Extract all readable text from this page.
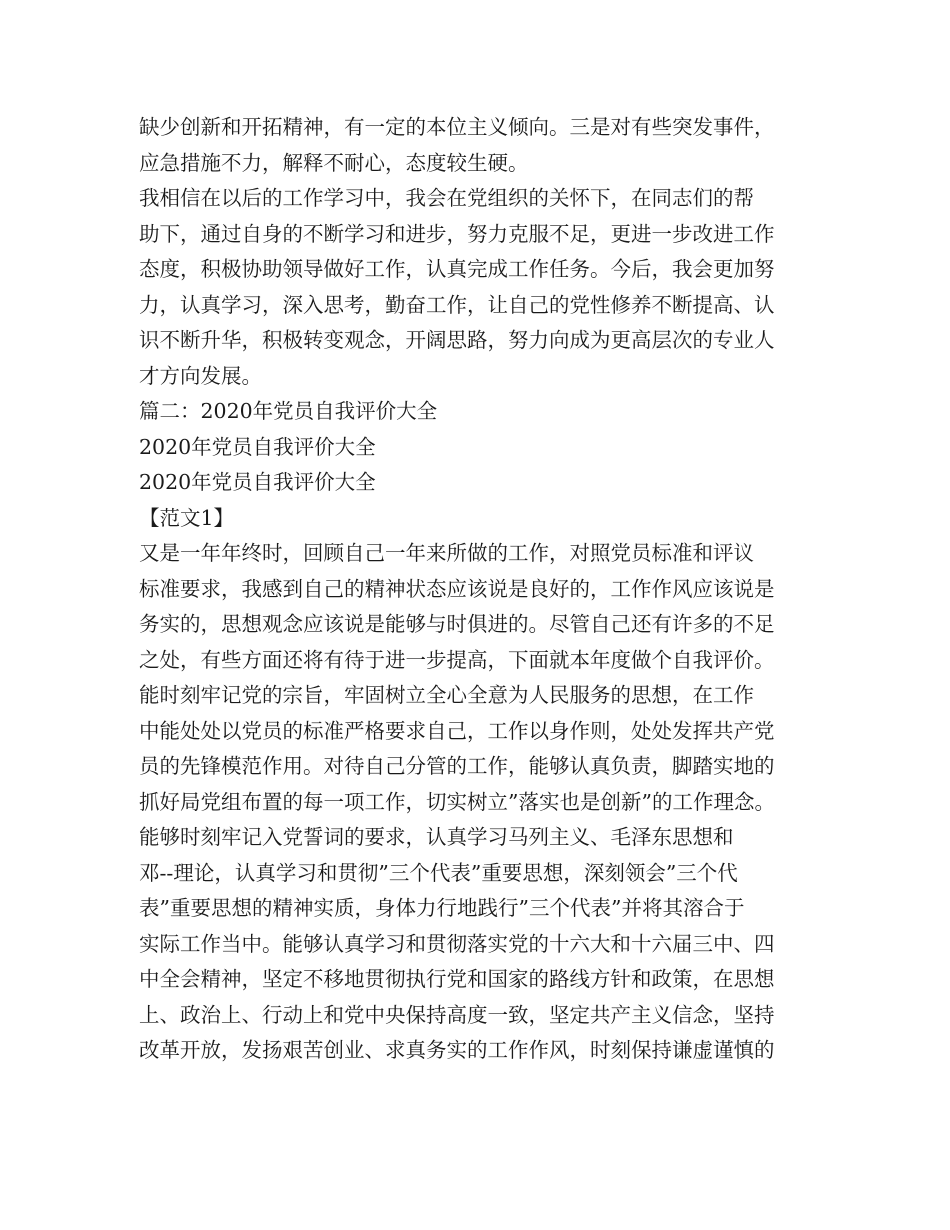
缺少创新和开拓精神，有一定的本位主义倾向。三是对有些突发事件，
应急措施不力，解释不耐心，态度较生硬。
我相信在以后的工作学习中，我会在党组织的关怀下，在同志们的帮
助下，通过自身的不断学习和进步，努力克服不足，更进一步改进工作
态度，积极协助领导做好工作，认真完成工作任务。今后，我会更加努
力，认真学习，深入思考，勤奋工作，让自己的党性修养不断提高、认
识不断升华，积极转变观念，开阔思路，努力向成为更高层次的专业人
才方向发展。
篇二：2020年党员自我评价大全
2020年党员自我评价大全
2020年党员自我评价大全
【范文1】
又是一年年终时，回顾自己一年来所做的工作，对照党员标准和评议
标准要求，我感到自己的精神状态应该说是良好的，工作作风应该说是
务实的，思想观念应该说是能够与时俱进的。尽管自己还有许多的不足
之处，有些方面还将有待于进一步提高，下面就本年度做个自我评价。
能时刻牢记党的宗旨，牢固树立全心全意为人民服务的思想，在工作
中能处处以党员的标准严格要求自己，工作以身作则，处处发挥共产党
员的先锋模范作用。对待自己分管的工作，能够认真负责，脚踏实地的
抓好局党组布置的每一项工作，切实树立”落实也是创新”的工作理念。
能够时刻牢记入党誓词的要求，认真学习马列主义、毛泽东思想和
邓--理论，认真学习和贯彻”三个代表”重要思想，深刻领会”三个代
表”重要思想的精神实质，身体力行地践行”三个代表”并将其溶合于
实际工作当中。能够认真学习和贯彻落实党的十六大和十六届三中、四
中全会精神，坚定不移地贯彻执行党和国家的路线方针和政策，在思想
上、政治上、行动上和党中央保持高度一致，坚定共产主义信念，坚持
改革开放，发扬艰苦创业、求真务实的工作作风，时刻保持谦虚谨慎的
